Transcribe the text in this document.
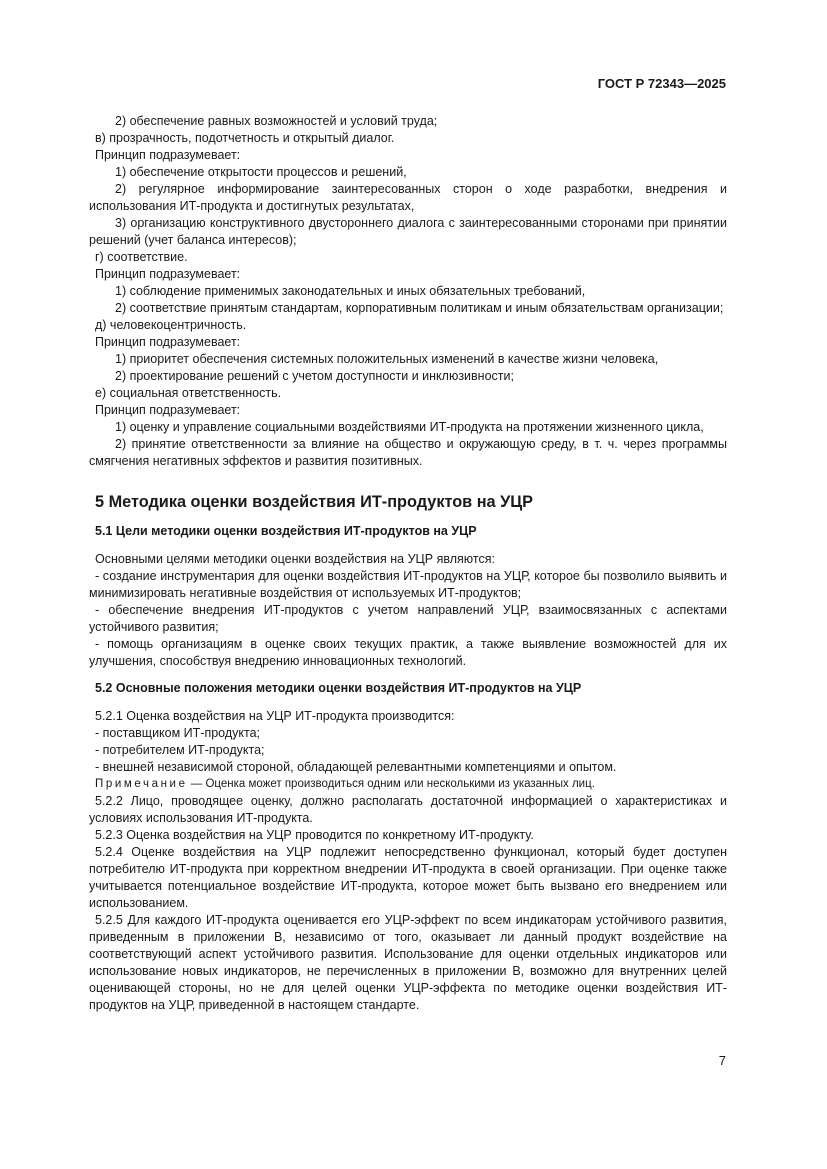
ГОСТ Р 72343—2025

2) обеспечение равных возможностей и условий труда;

в) прозрачность, подотчетность и открытый диалог.

Принцип подразумевает:

1) обеспечение открытости процессов и решений,

2) регулярное информирование заинтересованных сторон о ходе разработки, внедрения и использования ИТ-продукта и достигнутых результатах,

3) организацию конструктивного двустороннего диалога с заинтересованными сторонами при принятии решений (учет баланса интересов);

г) соответствие.

Принцип подразумевает:

1) соблюдение применимых законодательных и иных обязательных требований,

2) соответствие принятым стандартам, корпоративным политикам и иным обязательствам организации;

д) человекоцентричность.

Принцип подразумевает:

1) приоритет обеспечения системных положительных изменений в качестве жизни человека,

2) проектирование решений с учетом доступности и инклюзивности;

е) социальная ответственность.

Принцип подразумевает:

1) оценку и управление социальными воздействиями ИТ-продукта на протяжении жизненного цикла,

2) принятие ответственности за влияние на общество и окружающую среду, в т. ч. через программы смягчения негативных эффектов и развития позитивных.

5 Методика оценки воздействия ИТ-продуктов на УЦР
5.1 Цели методики оценки воздействия ИТ-продуктов на УЦР

Основными целями методики оценки воздействия на УЦР являются:

- создание инструментария для оценки воздействия ИТ-продуктов на УЦР, которое бы позволило выявить и минимизировать негативные воздействия от используемых ИТ-продуктов;

- обеспечение внедрения ИТ-продуктов с учетом направлений УЦР, взаимосвязанных с аспектами устойчивого развития;

- помощь организациям в оценке своих текущих практик, а также выявление возможностей для их улучшения, способствуя внедрению инновационных технологий.

5.2 Основные положения методики оценки воздействия ИТ-продуктов на УЦР

5.2.1 Оценка воздействия на УЦР ИТ-продукта производится:

- поставщиком ИТ-продукта;

- потребителем ИТ-продукта;

- внешней независимой стороной, обладающей релевантными компетенциями и опытом.

Примечание — Оценка может производиться одним или несколькими из указанных лиц.

5.2.2 Лицо, проводящее оценку, должно располагать достаточной информацией о характеристиках и условиях использования ИТ-продукта.

5.2.3 Оценка воздействия на УЦР проводится по конкретному ИТ-продукту.

5.2.4 Оценке воздействия на УЦР подлежит непосредственно функционал, который будет доступен потребителю ИТ-продукта при корректном внедрении ИТ-продукта в своей организации. При оценке также учитывается потенциальное воздействие ИТ-продукта, которое может быть вызвано его внедрением или использованием.

5.2.5 Для каждого ИТ-продукта оценивается его УЦР-эффект по всем индикаторам устойчивого развития, приведенным в приложении В, независимо от того, оказывает ли данный продукт воздействие на соответствующий аспект устойчивого развития. Использование для оценки отдельных индикаторов или использование новых индикаторов, не перечисленных в приложении В, возможно для внутренних целей оценивающей стороны, но не для целей оценки УЦР-эффекта по методике оценки воздействия ИТ-продуктов на УЦР, приведенной в настоящем стандарте.

7
